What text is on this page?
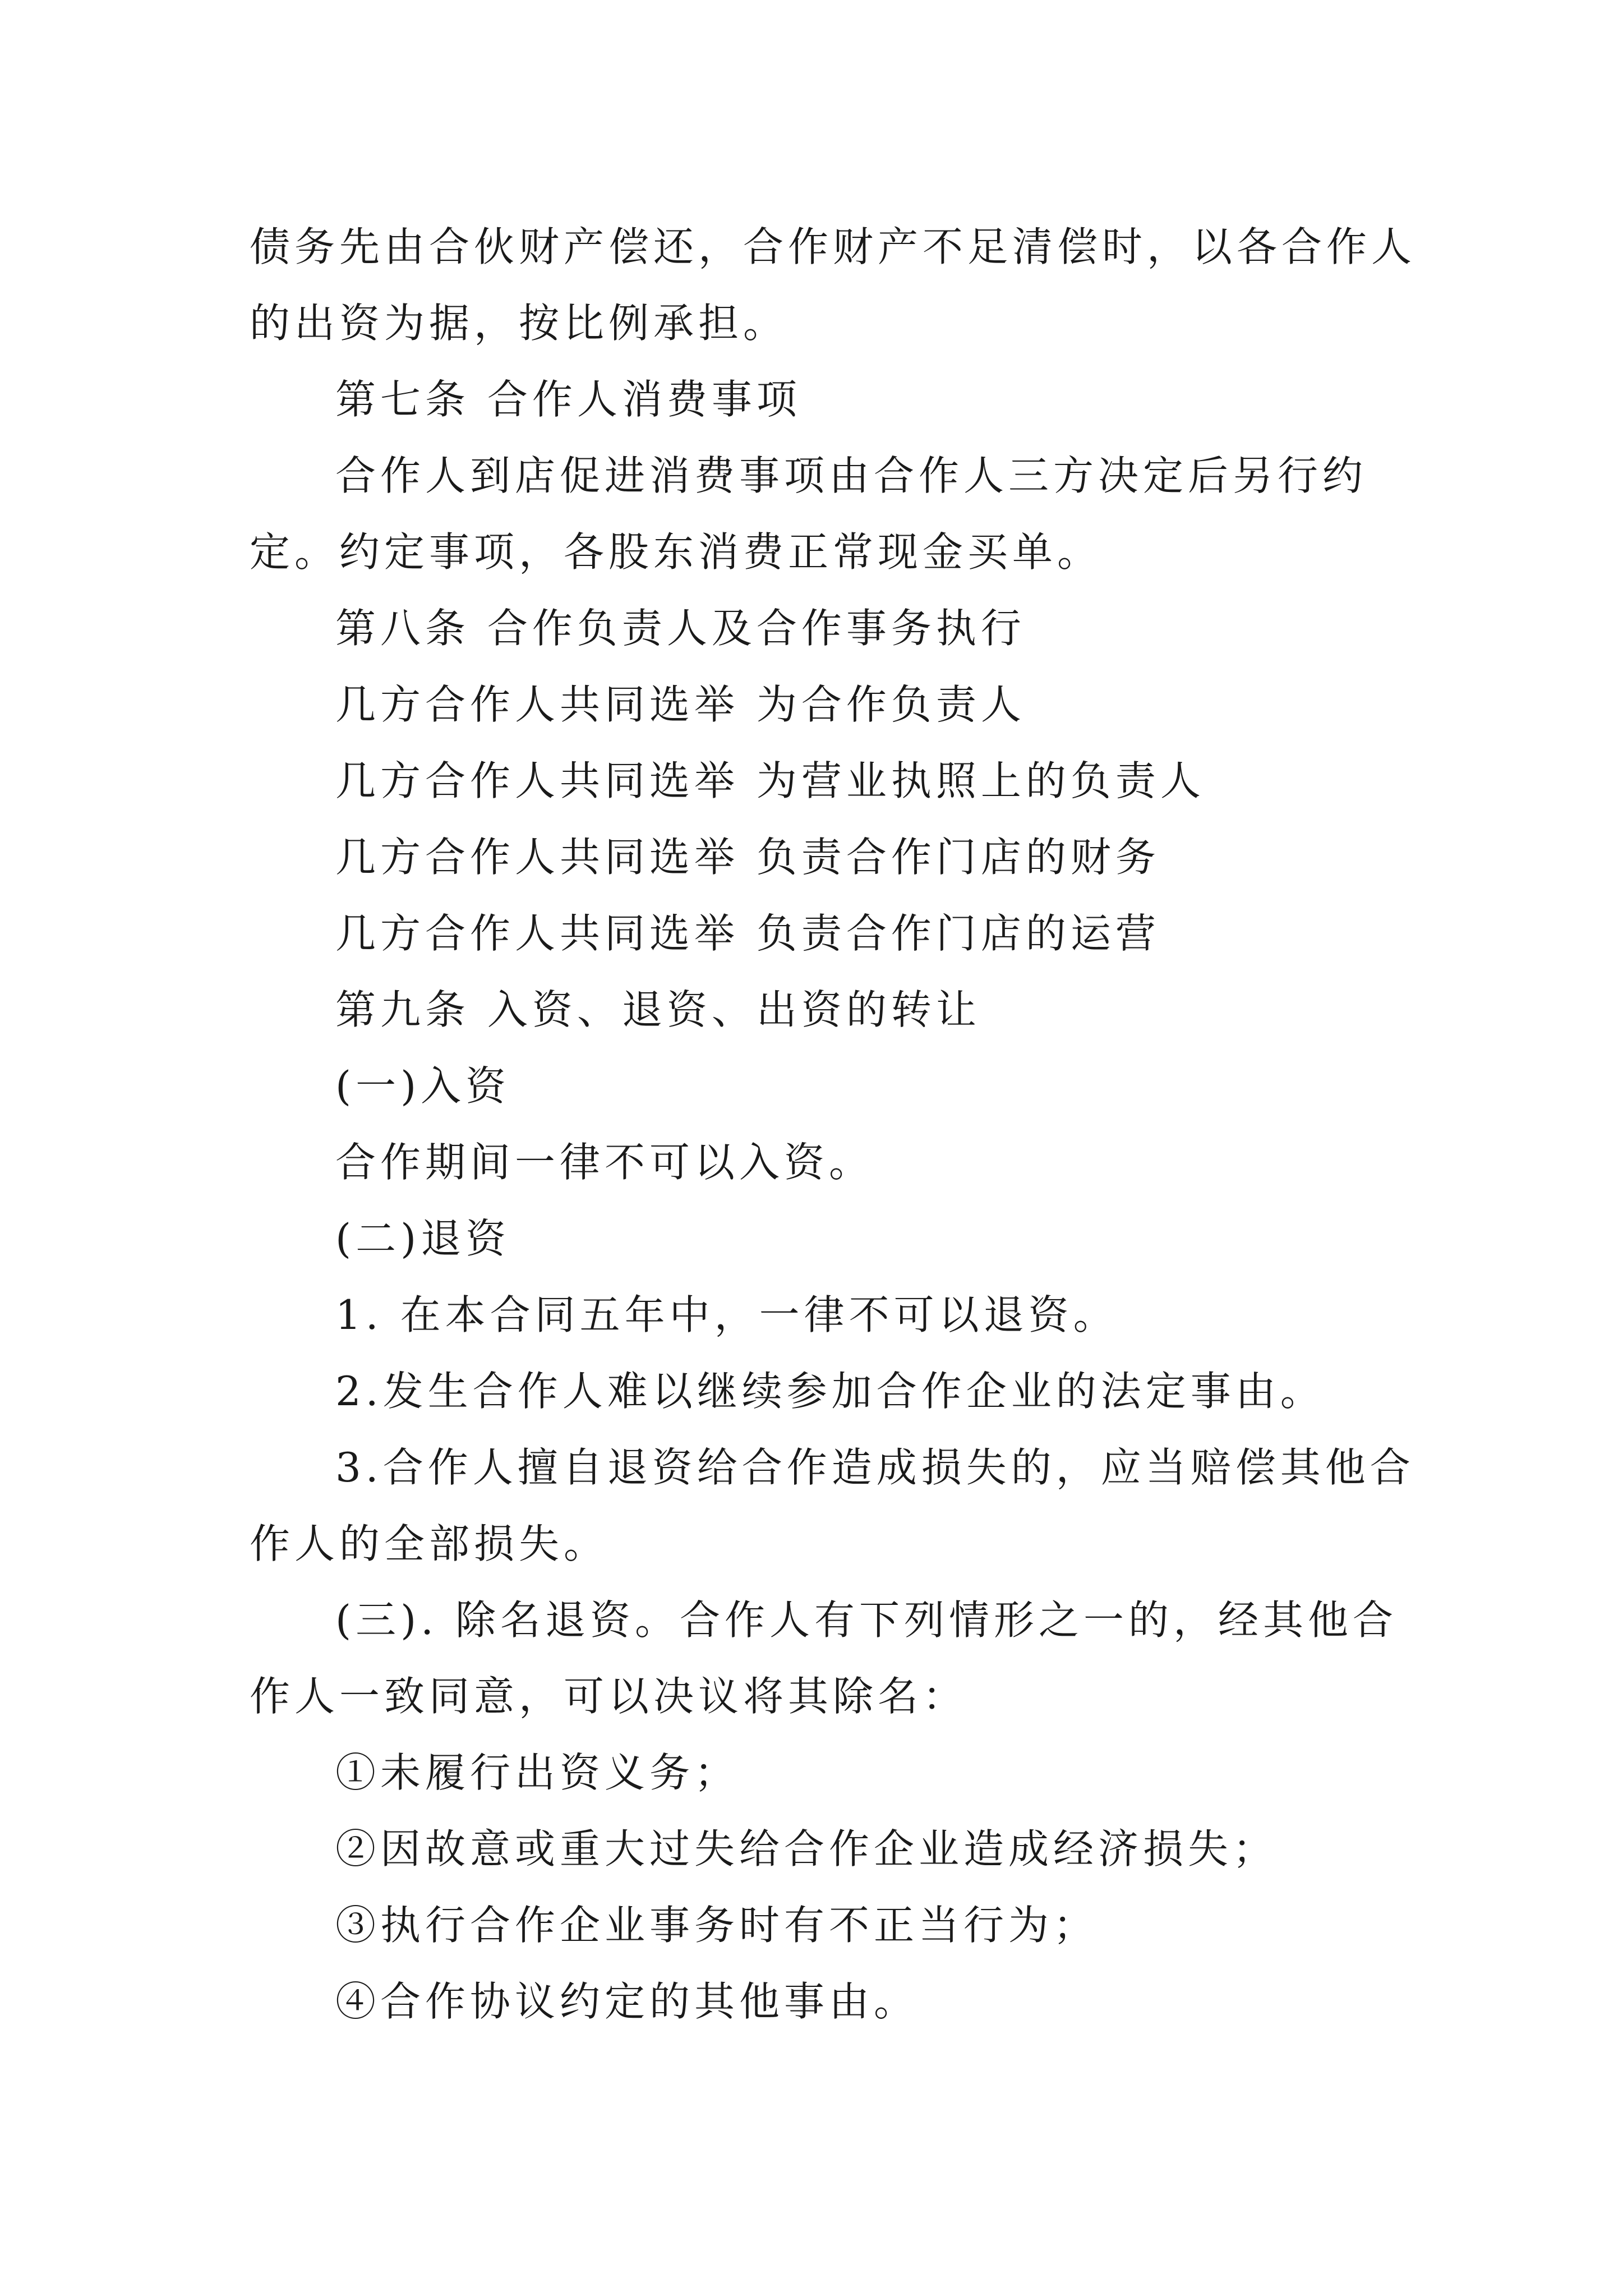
债务先由合伙财产偿还，合作财产不足清偿时，以各合作人
的出资为据，按比例承担。
第七条 合作人消费事项
合作人到店促进消费事项由合作人三方决定后另行约
定。约定事项，各股东消费正常现金买单。
第八条 合作负责人及合作事务执行
几方合作人共同选举 为合作负责人
几方合作人共同选举 为营业执照上的负责人
几方合作人共同选举 负责合作门店的财务
几方合作人共同选举 负责合作门店的运营
第九条 入资、退资、出资的转让
(一)入资
合作期间一律不可以入资。
(二)退资
1. 在本合同五年中，一律不可以退资。
2.发生合作人难以继续参加合作企业的法定事由。
3.合作人擅自退资给合作造成损失的，应当赔偿其他合
作人的全部损失。
(三). 除名退资。合作人有下列情形之一的，经其他合
作人一致同意，可以决议将其除名：
①未履行出资义务；
②因故意或重大过失给合作企业造成经济损失；
③执行合作企业事务时有不正当行为；
④合作协议约定的其他事由。
